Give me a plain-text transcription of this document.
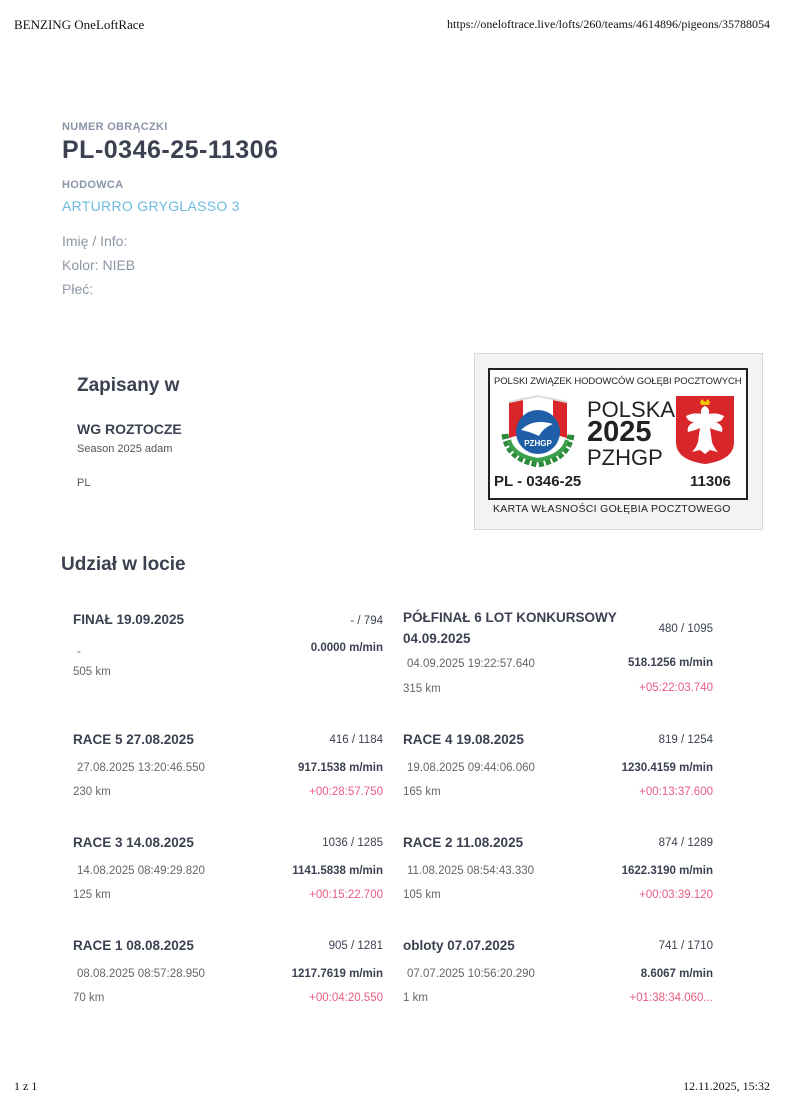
BENZING OneLoftRace	https://oneloftrace.live/lofts/260/teams/4614896/pigeons/35788054
NUMER OBRĄCZKI
PL-0346-25-11306
HODOWCA
ARTURRO GRYGLASSO 3
Imię / Info:
Kolor: NIEB
Płeć:
Zapisany w
WG ROZTOCZE
Season 2025 adam
PL
POLSKI ZWIĄZEK HODOWCÓW GOŁĘBI POCZTOWYCH
PZHGP
POLSKA
2025
PZHGP
PL - 0346-25	11306
KARTA WŁASNOŚCI GOŁĘBIA POCZTOWEGO
Udział w locie
FINAŁ 19.09.2025	- / 794
-	0.0000 m/min
505 km
PÓŁFINAŁ 6 LOT KONKURSOWY 04.09.2025
480 / 1095
04.09.2025 19:22:57.640	518.1256 m/min
315 km	+05:22:03.740
RACE 5 27.08.2025	416 / 1184
27.08.2025 13:20:46.550	917.1538 m/min
230 km	+00:28:57.750
RACE 4 19.08.2025	819 / 1254
19.08.2025 09:44:06.060	1230.4159 m/min
165 km	+00:13:37.600
RACE 3 14.08.2025	1036 / 1285
14.08.2025 08:49:29.820	1141.5838 m/min
125 km	+00:15:22.700
RACE 2 11.08.2025	874 / 1289
11.08.2025 08:54:43.330	1622.3190 m/min
105 km	+00:03:39.120
RACE 1 08.08.2025	905 / 1281
08.08.2025 08:57:28.950	1217.7619 m/min
70 km	+00:04:20.550
obloty 07.07.2025	741 / 1710
07.07.2025 10:56:20.290	8.6067 m/min
1 km	+01:38:34.060...
1 z 1	12.11.2025, 15:32
